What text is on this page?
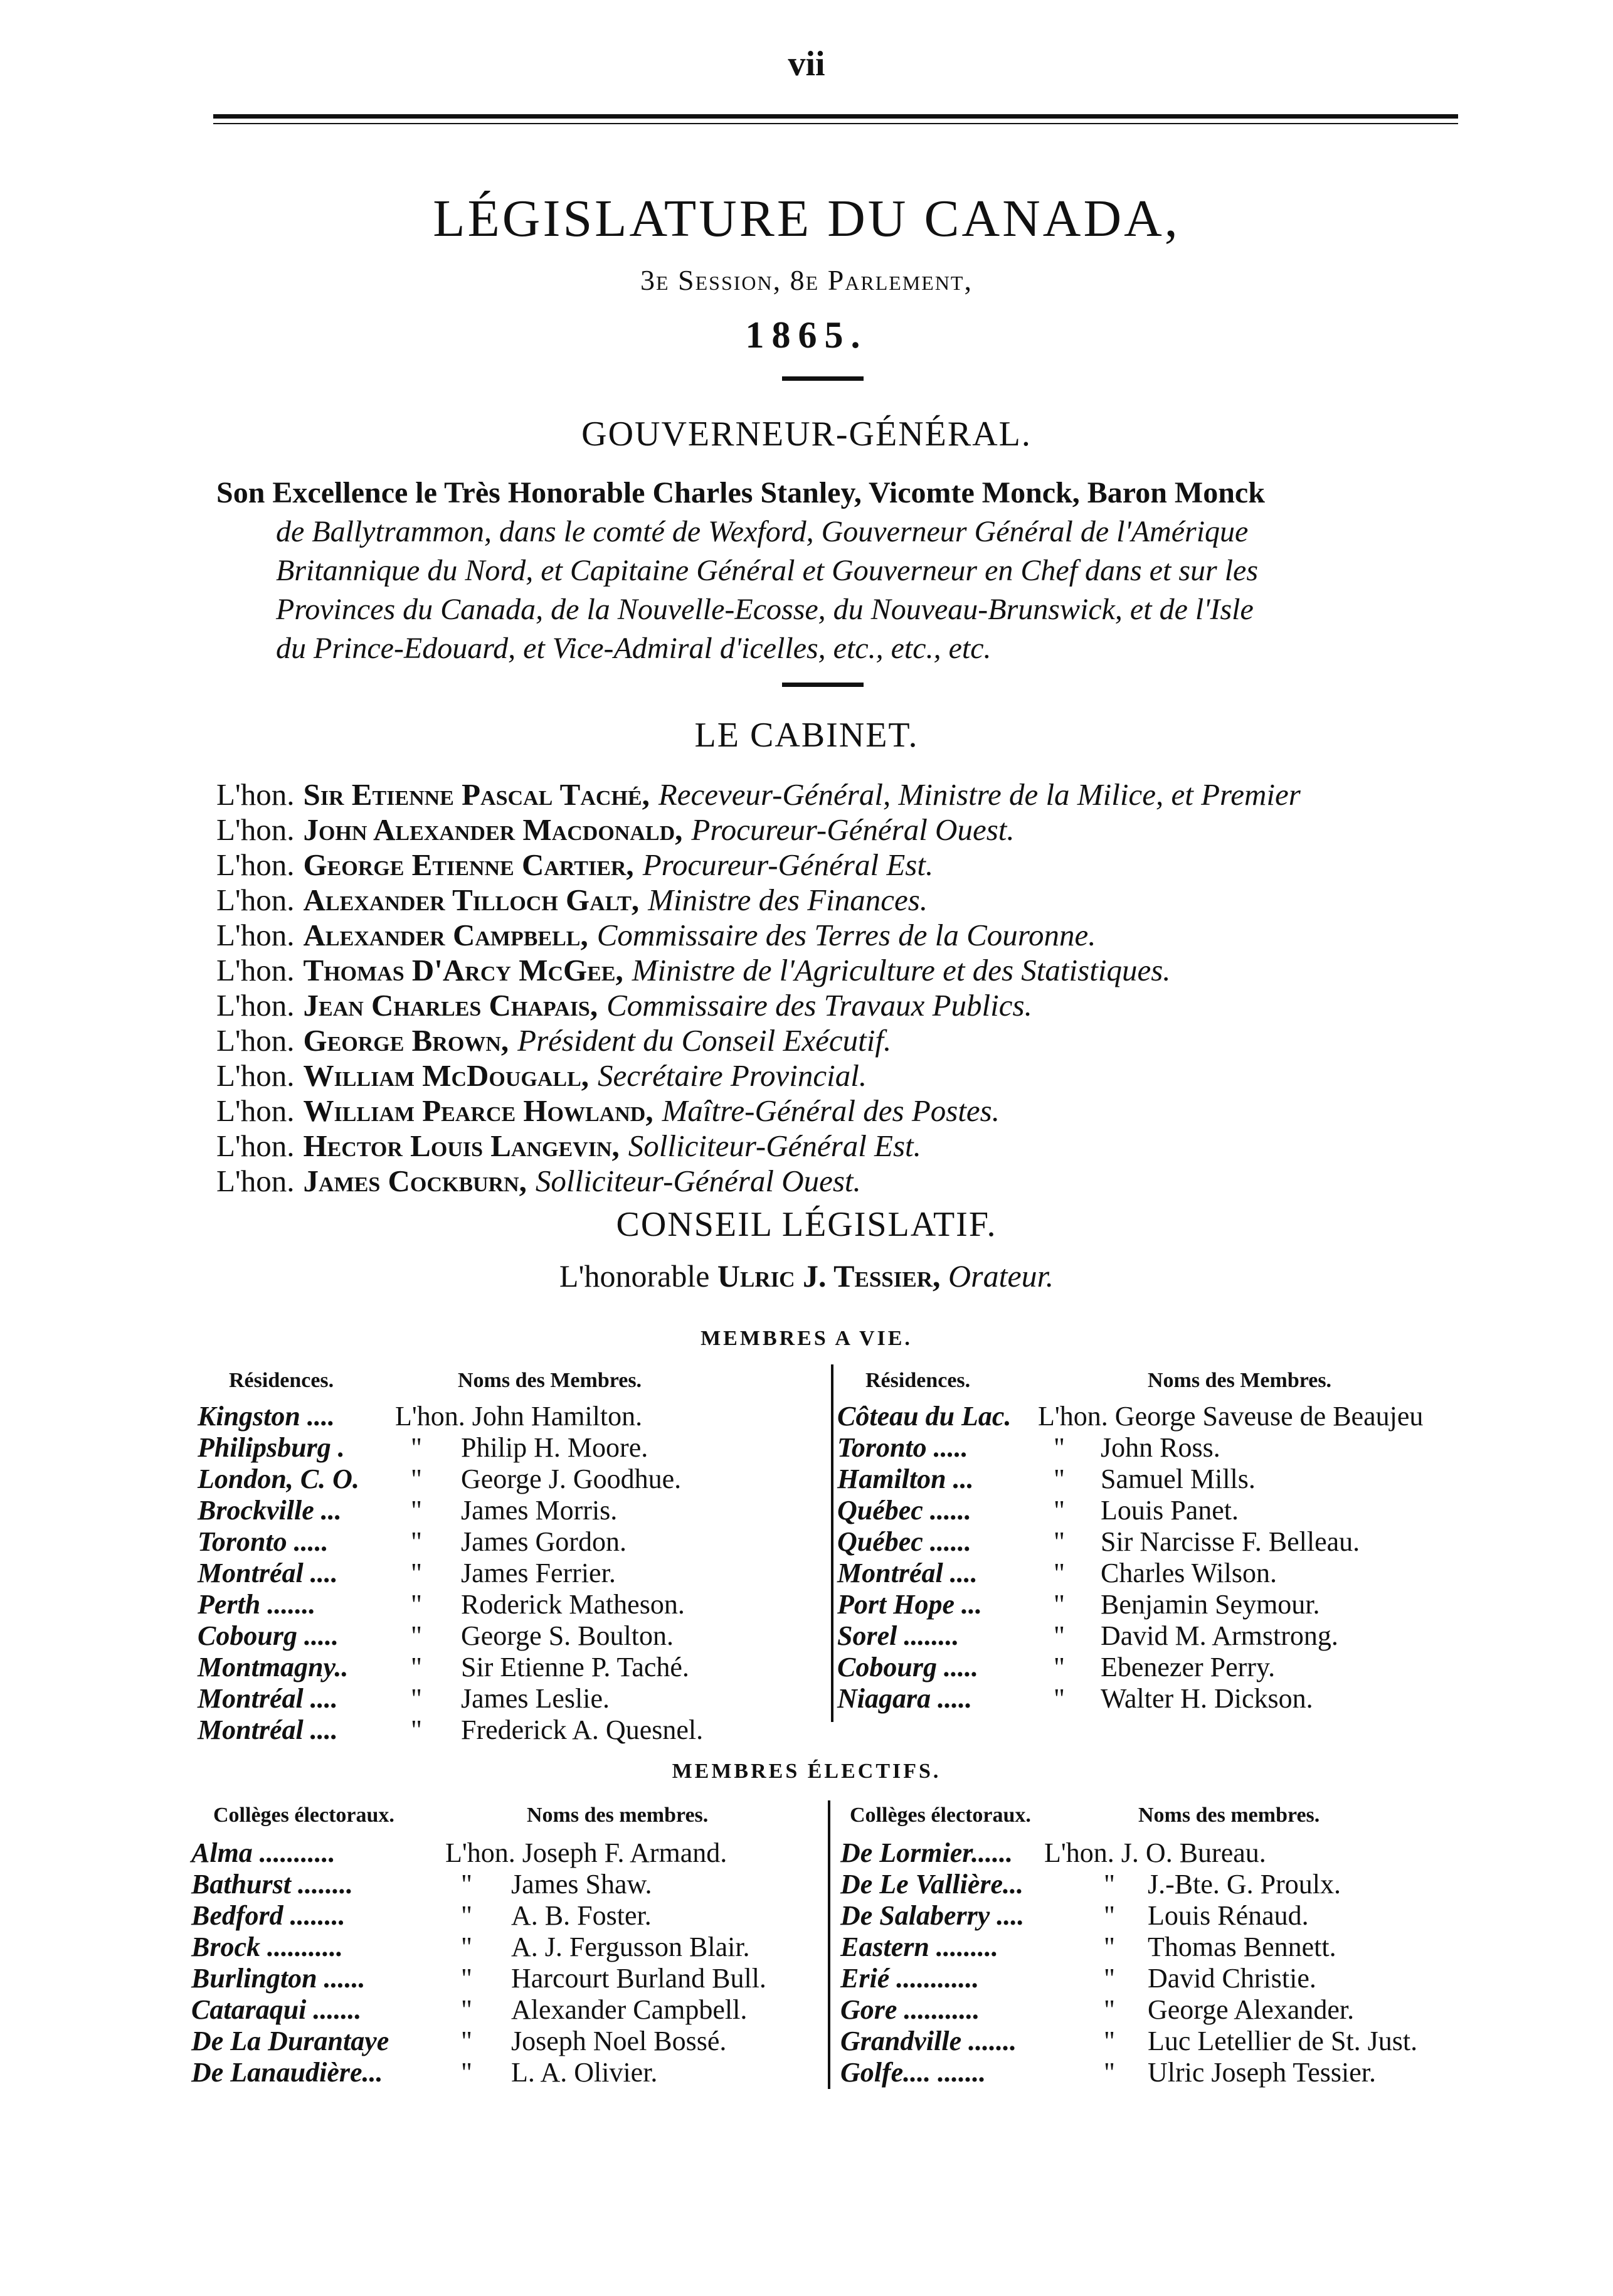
vii
LÉGISLATURE DU CANADA,
3e Session, 8e Parlement,
1865.
GOUVERNEUR-GÉNÉRAL.
Son Excellence le Très Honorable Charles Stanley, Vicomte Monck, Baron Monck
de Ballytrammon, dans le comté de Wexford, Gouverneur Général de l'Amérique
Britannique du Nord, et Capitaine Général et Gouverneur en Chef dans et sur les
Provinces du Canada, de la Nouvelle-Ecosse, du Nouveau-Brunswick, et de l'Isle
du Prince-Edouard, et Vice-Admiral d'icelles, etc., etc., etc.
LE CABINET.
L'hon. Sir Etienne Pascal Taché, Receveur-Général, Ministre de la Milice, et Premier
L'hon. John Alexander Macdonald, Procureur-Général Ouest.
L'hon. George Etienne Cartier, Procureur-Général Est.
L'hon. Alexander Tilloch Galt, Ministre des Finances.
L'hon. Alexander Campbell, Commissaire des Terres de la Couronne.
L'hon. Thomas D'Arcy McGee, Ministre de l'Agriculture et des Statistiques.
L'hon. Jean Charles Chapais, Commissaire des Travaux Publics.
L'hon. George Brown, Président du Conseil Exécutif.
L'hon. William McDougall, Secrétaire Provincial.
L'hon. William Pearce Howland, Maître-Général des Postes.
L'hon. Hector Louis Langevin, Solliciteur-Général Est.
L'hon. James Cockburn, Solliciteur-Général Ouest.
CONSEIL LÉGISLATIF.
L'honorable Ulric J. Tessier, Orateur.
MEMBRES A VIE.
Résidences.	Noms des Membres.	Résidences.	Noms des Membres.
Kingston .... L'hon. John Hamilton.
Philipsburg . " Philip H. Moore.
London, C. O. " George J. Goodhue.
Brockville ...	" James Morris.
Toronto .....	" James Gordon.
Montréal ....	" James Ferrier.
Perth .......	" Roderick Matheson.
Cobourg .....	" George S. Boulton.
Montmagny.. " Sir Etienne P. Taché.
Montréal ....	" James Leslie.
Montréal ....	" Frederick A. Quesnel.
Côteau du Lac. L'hon. George Saveuse de Beaujeu
Toronto .....	" John Ross.
Hamilton ...	" Samuel Mills.
Québec ......	" Louis Panet.
Québec ......	" Sir Narcisse F. Belleau.
Montréal ....	" Charles Wilson.
Port Hope ...	" Benjamin Seymour.
Sorel ........	" David M. Armstrong.
Cobourg .....	" Ebenezer Perry.
Niagara .....	" Walter H. Dickson.
MEMBRES ÉLECTIFS.
Collèges électoraux.	Noms des membres.	Collèges électoraux.	Noms des membres.
Alma ...........	L'hon. Joseph F. Armand.
Bathurst ........	" James Shaw.
Bedford ........	" A. B. Foster.
Brock ...........	" A. J. Fergusson Blair.
Burlington ......	" Harcourt Burland Bull.
Cataraqui .......	" Alexander Campbell.
De La Durantaye	" Joseph Noel Bossé.
De Lanaudière...	" L. A. Olivier.
De Lormier...... L'hon. J. O. Bureau.
De Le Vallière...	" J.-Bte. G. Proulx.
De Salaberry ....	" Louis Rénaud.
Eastern .........	" Thomas Bennett.
Erié ............	" David Christie.
Gore ...........	" George Alexander.
Grandville .......	" Luc Letellier de St. Just.
Golfe.... .......	" Ulric Joseph Tessier.
